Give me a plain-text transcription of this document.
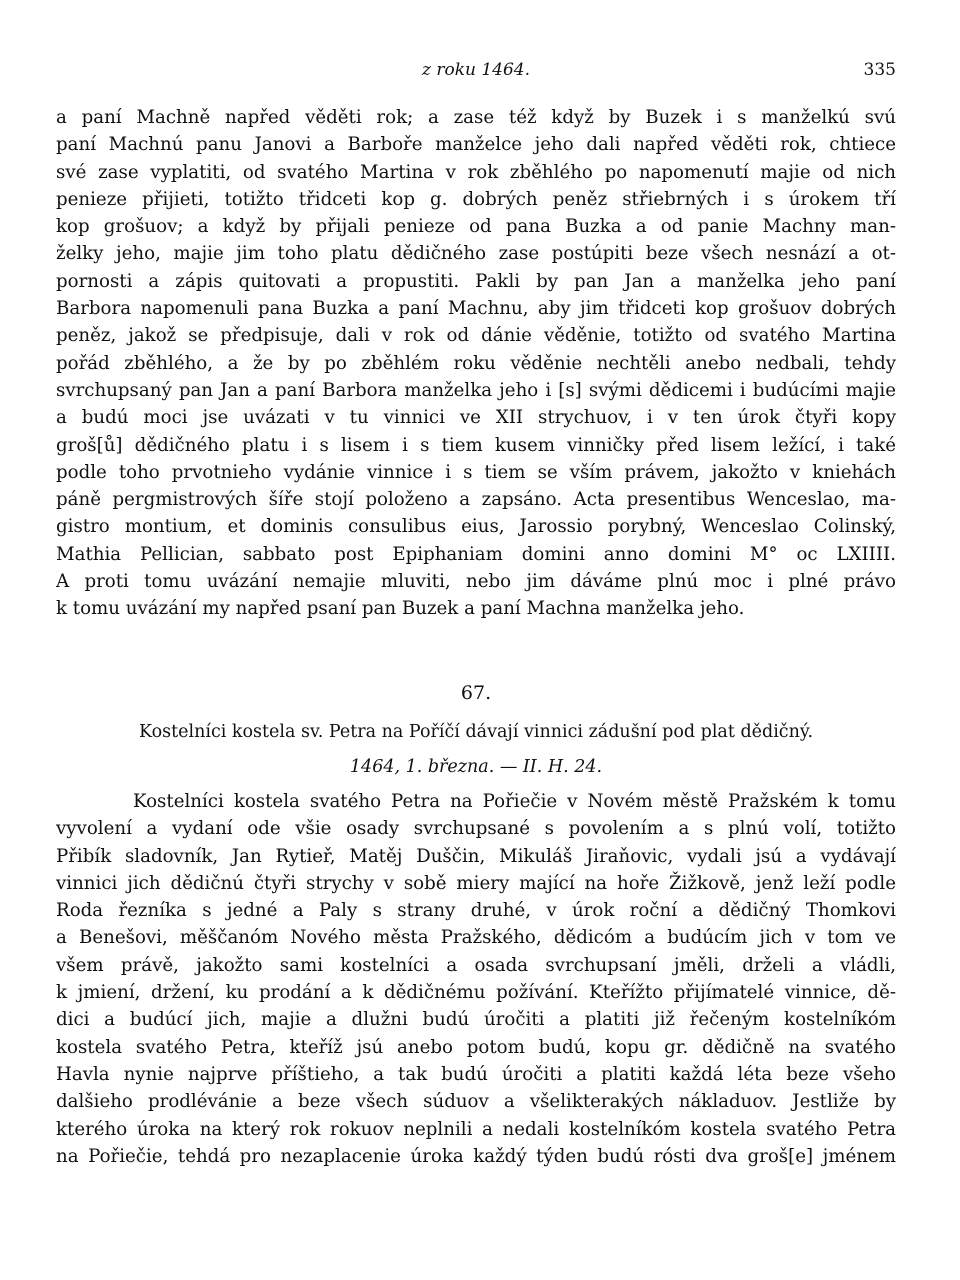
z roku 1464.	335
a paní Machně napřed věděti rok; a zase též když by Buzek i s manželkú svú
paní Machnú panu Janovi a Barboře manželce jeho dali napřed věděti rok, chtiece
své zase vyplatiti, od svatého Martina v rok zběhlého po napomenutí majie od nich
penieze přijieti, totižto třidceti kop g. dobrých peněz střiebrných i s úrokem tří
kop grošuov; a když by přijali penieze od pana Buzka a od panie Machny man-
želky jeho, majie jim toho platu dědičného zase postúpiti beze všech nesnází a ot-
pornosti a zápis quitovati a propustiti. Pakli by pan Jan a manželka jeho paní
Barbora napomenuli pana Buzka a paní Machnu, aby jim třidceti kop grošuov dobrých
peněz, jakož se předpisuje, dali v rok od dánie věděnie, totižto od svatého Martina
pořád zběhlého, a že by po zběhlém roku věděnie nechtěli anebo nedbali, tehdy
svrchupsaný pan Jan a paní Barbora manželka jeho i [s] svými dědicemi i budúcími majie
a budú moci jse uvázati v tu vinnici ve XII strychuov, i v ten úrok čtyři kopy
groš[ů] dědičného platu i s lisem i s tiem kusem vinničky před lisem ležící, i také
podle toho prvotnieho vydánie vinnice i s tiem se vším právem, jakožto v kniehách
páně pergmistrových šíře stojí položeno a zapsáno. Acta presentibus Wenceslao, ma-
gistro montium, et dominis consulibus eius, Jarossio porybný, Wenceslao Colinský,
Mathia Pellician, sabbato post Epiphaniam domini anno domini M° oc LXIIII.
A proti tomu uvázání nemajie mluviti, nebo jim dáváme plnú moc i plné právo
k tomu uvázání my napřed psaní pan Buzek a paní Machna manželka jeho.
67.
Kostelníci kostela sv. Petra na Poříčí dávají vinnici zádušní pod plat dědičný.
1464, 1. března. — II. H. 24.
Kostelníci kostela svatého Petra na Pořiečie v Novém městě Pražském k tomu
vyvolení a vydaní ode všie osady svrchupsané s povolením a s plnú volí, totižto
Přibík sladovník, Jan Rytieř, Matěj Duščin, Mikuláš Jiraňovic, vydali jsú a vydávají
vinnici jich dědičnú čtyři strychy v sobě miery mající na hoře Žižkově, jenž leží podle
Roda řezníka s jedné a Paly s strany druhé, v úrok roční a dědičný Thomkovi
a Benešovi, měščanóm Nového města Pražského, dědicóm a budúcím jich v tom ve
všem právě, jakožto sami kostelníci a osada svrchupsaní jměli, drželi a vládli,
k jmiení, držení, ku prodání a k dědičnému požívání. Kteřížto přijímatelé vinnice, dě-
dici a budúcí jich, majie a dlužni budú úročiti a platiti již řečeným kostelníkóm
kostela svatého Petra, kteříž jsú anebo potom budú, kopu gr. dědičně na svatého
Havla nynie najprve příštieho, a tak budú úročiti a platiti každá léta beze všeho
dalšieho prodlévánie a beze všech súduov a všelikterakých nákladuov. Jestliže by
kterého úroka na který rok rokuov neplnili a nedali kostelníkóm kostela svatého Petra
na Pořiečie, tehdá pro nezaplacenie úroka každý týden budú rósti dva groš[e] jménem
